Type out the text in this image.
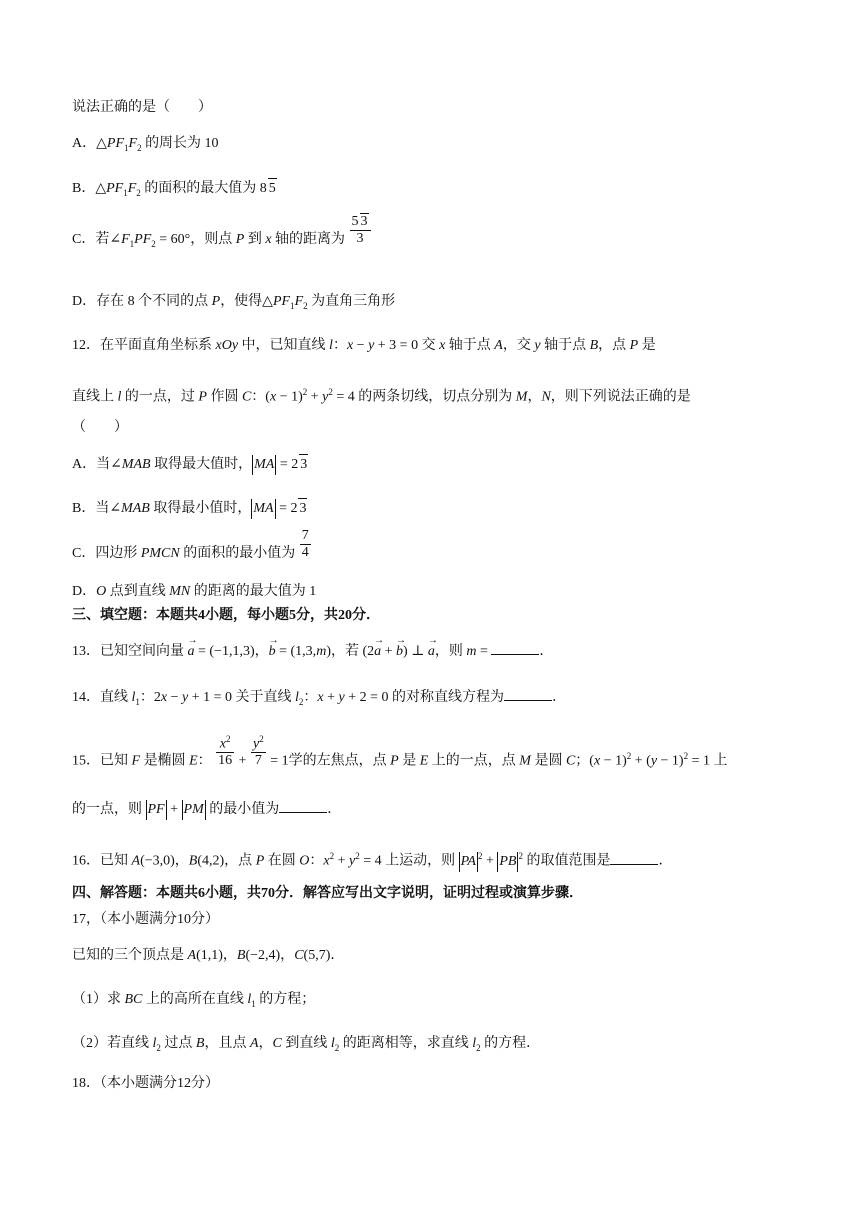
说法正确的是（　　）
A．$\triangle PF_1F_2$ 的周长为 10
B．$\triangle PF_1F_2$ 的面积的最大值为 8 5
C．若$\angle F_1PF_2 = 60^\circ$，则点 P 到 x 轴的距离为 $\frac{5 3}{3}$
D．存在 8 个不同的点 P，使得$\triangle PF_1F_2$ 为直角三角形
12．在平面直角坐标系 xOy 中，已知直线 l：x − y + 3 = 0 交 x 轴于点 A，交 y 轴于点 B，点 P 是
直线上 l 的一点，过 P 作圆 C：$(x - 1)^2 + y^2 = 4$ 的两条切线，切点分别为 M，N，则下列说法正确的是
（　　）
A．当∠MAB 取得最大值时， MA = 2 3
B．当∠MAB 取得最小值时， MA = 2 3
C．四边形 PMCN 的面积的最小值为 $\frac{7}{4}$
D．O 点到直线 MN 的距离的最大值为 1
三、填空题：本题共4小题，每小题5分，共20分．
13．已知空间向量 → a = (−1,1,3)，→ b = (1,3,m)，若 (2→ a + → b) ⊥ → a，则 m =	．
14．直线 $l_1$：2x − y + 1 = 0 关于直线 $l_2$：x + y + 2 = 0 的对称直线方程为	．
15．已知 F 是椭圆 E： $\frac{x^2}{16} + \frac{y^2}{7} = 1$学的左焦点，点 P 是 E 上的一点，点 M 是圆 C；$(x - 1)^2 + (y - 1)^2 = 1$ 上
的一点，则 PF + PM 的最小值为	．
16．已知 A(−3,0)，B(4,2)，点 P 在圆 O：$x^2 + y^2 = 4$ 上运动，则 PA $^2$ + PB $^2$ 的取值范围是	．
四、解答题：本题共6小题，共70分．解答应写出文字说明，证明过程或演算步骤．
17，（本小题满分10分）
已知的三个顶点是 A(1,1)，B(−2,4)，C(5,7)．
（1）求 BC 上的高所在直线 $l_1$ 的方程；
（2）若直线 $l_2$ 过点 B，且点 A，C 到直线 $l_2$ 的距离相等，求直线 $l_2$ 的方程．
18．（本小题满分12分）
